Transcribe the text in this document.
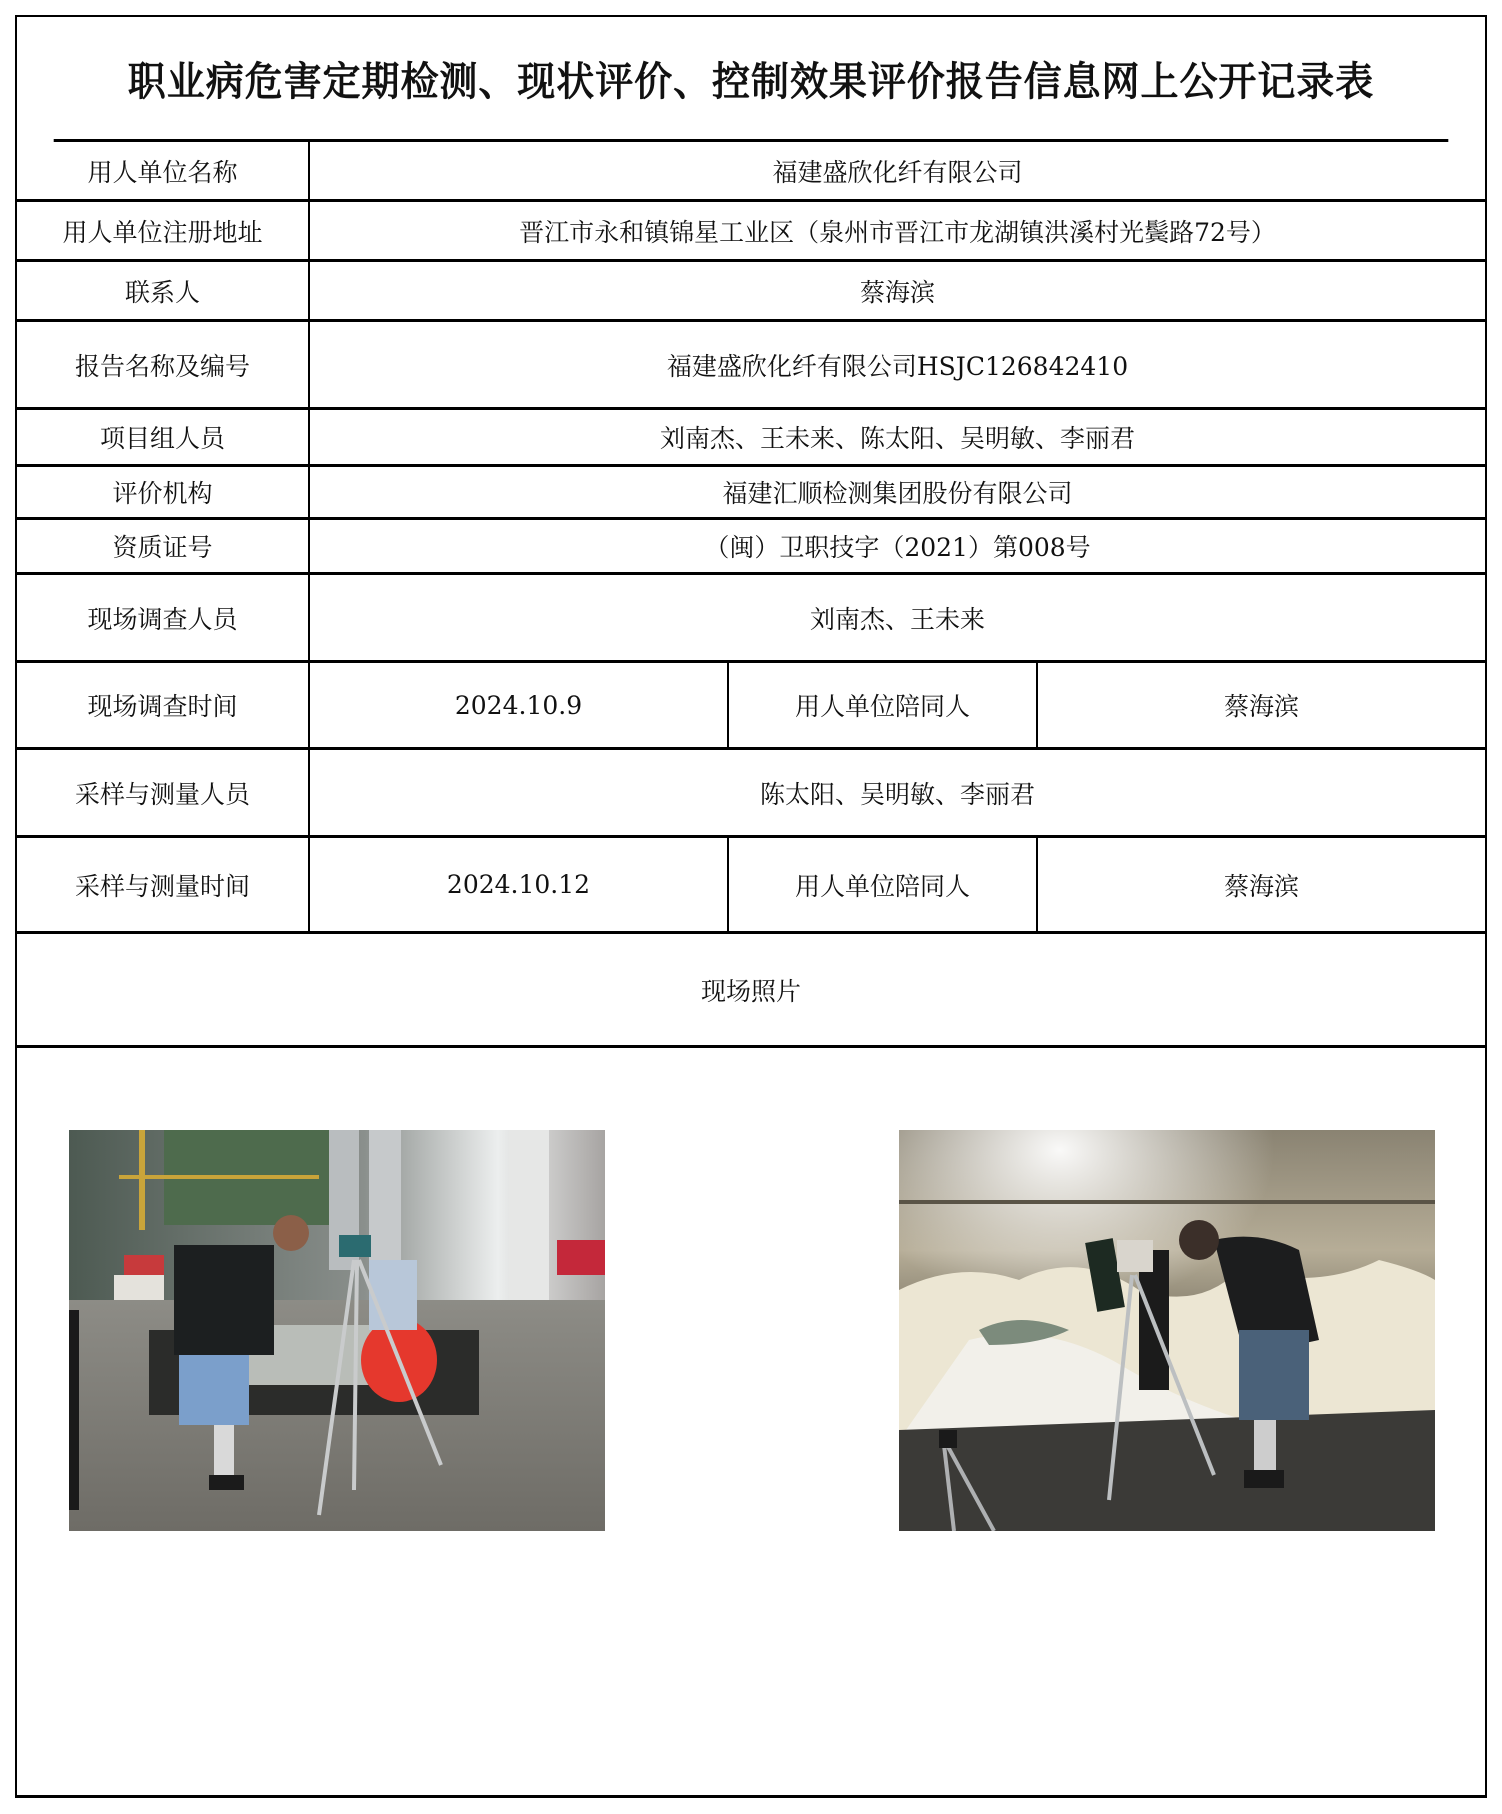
职业病危害定期检测、现状评价、控制效果评价报告信息网上公开记录表
用人单位名称	福建盛欣化纤有限公司
用人单位注册地址	晋江市永和镇锦星工业区（泉州市晋江市龙湖镇洪溪村光鬓路72号）
联系人	蔡海滨
报告名称及编号	福建盛欣化纤有限公司HSJC126842410
项目组人员	刘南杰、王未来、陈太阳、吴明敏、李丽君
评价机构	福建汇顺检测集团股份有限公司
资质证号	（闽）卫职技字（2021）第008号
现场调查人员	刘南杰、王未来
现场调查时间	2024.10.9	用人单位陪同人	蔡海滨
采样与测量人员	陈太阳、吴明敏、李丽君
采样与测量时间	2024.10.12	用人单位陪同人	蔡海滨
现场照片
